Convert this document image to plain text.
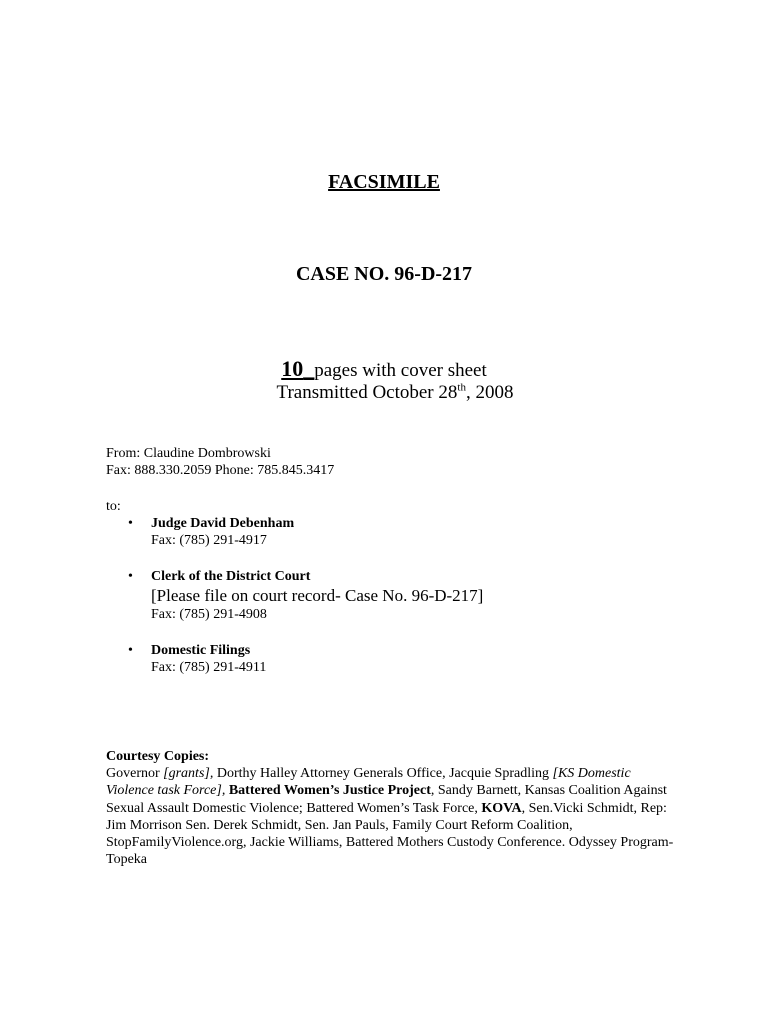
FACSIMILE
CASE NO. 96-D-217
10_pages with cover sheet
Transmitted October 28th, 2008
From: Claudine Dombrowski
Fax: 888.330.2059 Phone: 785.845.3417
to:
• Judge David Debenham
Fax: (785) 291-4917
• Clerk of the District Court
[Please file on court record- Case No. 96-D-217]
Fax: (785) 291-4908
• Domestic Filings
Fax: (785) 291-4911
Courtesy Copies:
Governor [grants], Dorthy Halley Attorney Generals Office, Jacquie Spradling [KS Domestic Violence task Force], Battered Women’s Justice Project, Sandy Barnett, Kansas Coalition Against Sexual Assault Domestic Violence; Battered Women’s Task Force, KOVA, Sen.Vicki Schmidt, Rep: Jim Morrison Sen. Derek Schmidt, Sen. Jan Pauls, Family Court Reform Coalition, StopFamilyViolence.org, Jackie Williams, Battered Mothers Custody Conference. Odyssey Program-Topeka
